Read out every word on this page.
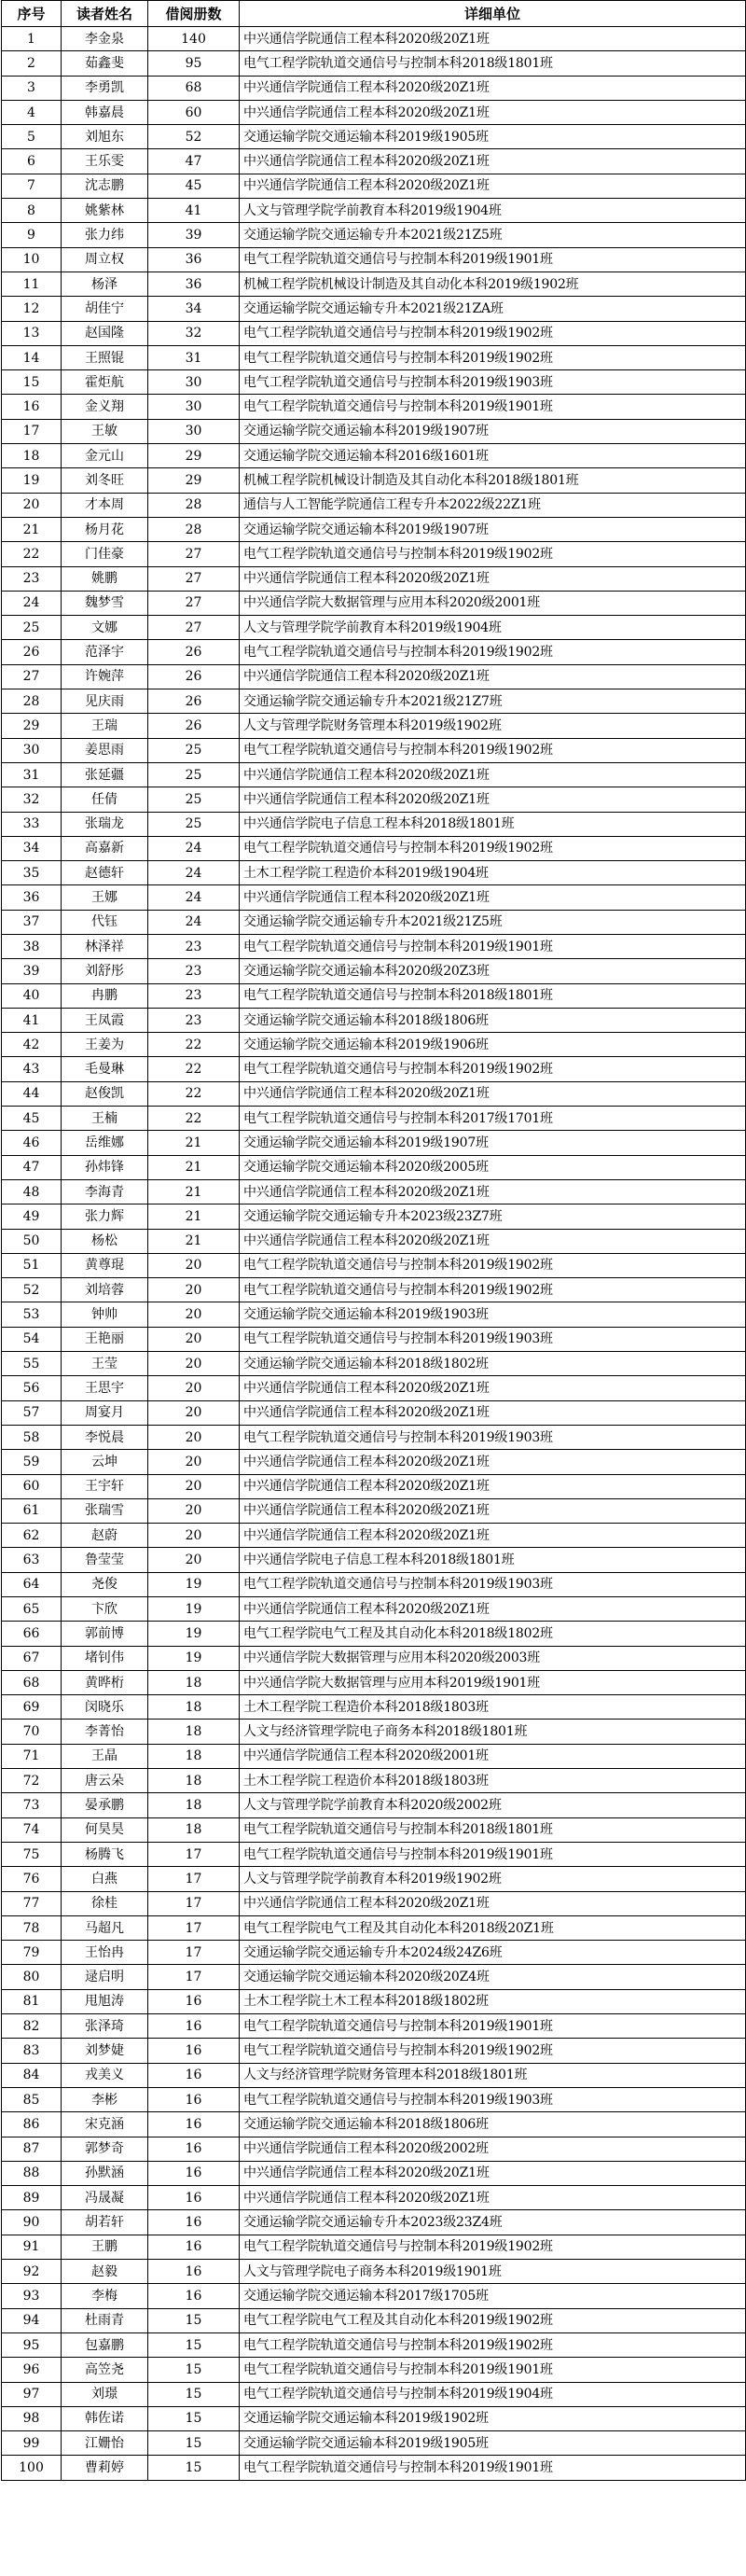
序号	读者姓名	借阅册数	详细单位
1	李金泉	140	中兴通信学院通信工程本科2020级20Z1班
2	茹鑫斐	95	电气工程学院轨道交通信号与控制本科2018级1801班
3	李勇凯	68	中兴通信学院通信工程本科2020级20Z1班
4	韩嘉晨	60	中兴通信学院通信工程本科2020级20Z1班
5	刘旭东	52	交通运输学院交通运输本科2019级1905班
6	王乐雯	47	中兴通信学院通信工程本科2020级20Z1班
7	沈志鹏	45	中兴通信学院通信工程本科2020级20Z1班
8	姚紫林	41	人文与管理学院学前教育本科2019级1904班
9	张力纬	39	交通运输学院交通运输专升本2021级21Z5班
10	周立权	36	电气工程学院轨道交通信号与控制本科2019级1901班
11	杨泽	36	机械工程学院机械设计制造及其自动化本科2019级1902班
12	胡佳宁	34	交通运输学院交通运输专升本2021级21ZA班
13	赵国隆	32	电气工程学院轨道交通信号与控制本科2019级1902班
14	王照锟	31	电气工程学院轨道交通信号与控制本科2019级1902班
15	霍炬航	30	电气工程学院轨道交通信号与控制本科2019级1903班
16	金义翔	30	电气工程学院轨道交通信号与控制本科2019级1901班
17	王敏	30	交通运输学院交通运输本科2019级1907班
18	金元山	29	交通运输学院交通运输本科2016级1601班
19	刘冬旺	29	机械工程学院机械设计制造及其自动化本科2018级1801班
20	才本周	28	通信与人工智能学院通信工程专升本2022级22Z1班
21	杨月花	28	交通运输学院交通运输本科2019级1907班
22	门佳豪	27	电气工程学院轨道交通信号与控制本科2019级1902班
23	姚鹏	27	中兴通信学院通信工程本科2020级20Z1班
24	魏梦雪	27	中兴通信学院大数据管理与应用本科2020级2001班
25	文娜	27	人文与管理学院学前教育本科2019级1904班
26	范泽宇	26	电气工程学院轨道交通信号与控制本科2019级1902班
27	许婉萍	26	中兴通信学院通信工程本科2020级20Z1班
28	见庆雨	26	交通运输学院交通运输专升本2021级21Z7班
29	王瑞	26	人文与管理学院财务管理本科2019级1902班
30	姜思雨	25	电气工程学院轨道交通信号与控制本科2019级1902班
31	张延疆	25	中兴通信学院通信工程本科2020级20Z1班
32	任倩	25	中兴通信学院通信工程本科2020级20Z1班
33	张瑞龙	25	中兴通信学院电子信息工程本科2018级1801班
34	高嘉新	24	电气工程学院轨道交通信号与控制本科2019级1902班
35	赵德轩	24	土木工程学院工程造价本科2019级1904班
36	王娜	24	中兴通信学院通信工程本科2020级20Z1班
37	代钰	24	交通运输学院交通运输专升本2021级21Z5班
38	林泽祥	23	电气工程学院轨道交通信号与控制本科2019级1901班
39	刘舒彤	23	交通运输学院交通运输本科2020级20Z3班
40	冉鹏	23	电气工程学院轨道交通信号与控制本科2018级1801班
41	王凤霞	23	交通运输学院交通运输本科2018级1806班
42	王姜为	22	交通运输学院交通运输本科2019级1906班
43	毛曼琳	22	电气工程学院轨道交通信号与控制本科2019级1902班
44	赵俊凯	22	中兴通信学院通信工程本科2020级20Z1班
45	王楠	22	电气工程学院轨道交通信号与控制本科2017级1701班
46	岳维娜	21	交通运输学院交通运输本科2019级1907班
47	孙炜锋	21	交通运输学院交通运输本科2020级2005班
48	李海青	21	中兴通信学院通信工程本科2020级20Z1班
49	张力辉	21	交通运输学院交通运输专升本2023级23Z7班
50	杨松	21	中兴通信学院通信工程本科2020级20Z1班
51	黄尊琨	20	电气工程学院轨道交通信号与控制本科2019级1902班
52	刘培蓉	20	电气工程学院轨道交通信号与控制本科2019级1902班
53	钟帅	20	交通运输学院交通运输本科2019级1903班
54	王艳丽	20	电气工程学院轨道交通信号与控制本科2019级1903班
55	王莹	20	交通运输学院交通运输本科2018级1802班
56	王思宇	20	中兴通信学院通信工程本科2020级20Z1班
57	周宴月	20	中兴通信学院通信工程本科2020级20Z1班
58	李悦晨	20	电气工程学院轨道交通信号与控制本科2019级1903班
59	云坤	20	中兴通信学院通信工程本科2020级20Z1班
60	王宇轩	20	中兴通信学院通信工程本科2020级20Z1班
61	张瑞雪	20	中兴通信学院通信工程本科2020级20Z1班
62	赵蔚	20	中兴通信学院通信工程本科2020级20Z1班
63	鲁莹莹	20	中兴通信学院电子信息工程本科2018级1801班
64	尧俊	19	电气工程学院轨道交通信号与控制本科2019级1903班
65	卞欣	19	中兴通信学院通信工程本科2020级20Z1班
66	郭前博	19	电气工程学院电气工程及其自动化本科2018级1802班
67	堵钊伟	19	中兴通信学院大数据管理与应用本科2020级2003班
68	黄晔桁	18	中兴通信学院大数据管理与应用本科2019级1901班
69	闵晓乐	18	土木工程学院工程造价本科2018级1803班
70	李菁怡	18	人文与经济管理学院电子商务本科2018级1801班
71	王晶	18	中兴通信学院通信工程本科2020级2001班
72	唐云朵	18	土木工程学院工程造价本科2018级1803班
73	晏承鹏	18	人文与管理学院学前教育本科2020级2002班
74	何昊昊	18	电气工程学院轨道交通信号与控制本科2018级1801班
75	杨腾飞	17	电气工程学院轨道交通信号与控制本科2019级1901班
76	白燕	17	人文与管理学院学前教育本科2019级1902班
77	徐桂	17	中兴通信学院通信工程本科2020级20Z1班
78	马超凡	17	电气工程学院电气工程及其自动化本科2018级20Z1班
79	王怡冉	17	交通运输学院交通运输专升本2024级24Z6班
80	逯启明	17	交通运输学院交通运输本科2020级20Z4班
81	甩旭涛	16	土木工程学院土木工程本科2018级1802班
82	张泽琦	16	电气工程学院轨道交通信号与控制本科2019级1901班
83	刘梦婕	16	电气工程学院轨道交通信号与控制本科2019级1902班
84	戎美义	16	人文与经济管理学院财务管理本科2018级1801班
85	李彬	16	电气工程学院轨道交通信号与控制本科2019级1903班
86	宋克涵	16	交通运输学院交通运输本科2018级1806班
87	郭梦奇	16	中兴通信学院通信工程本科2020级2002班
88	孙默涵	16	中兴通信学院通信工程本科2020级20Z1班
89	冯晟凝	16	中兴通信学院通信工程本科2020级20Z1班
90	胡若轩	16	交通运输学院交通运输专升本2023级23Z4班
91	王鹏	16	电气工程学院轨道交通信号与控制本科2019级1902班
92	赵毅	16	人文与管理学院电子商务本科2019级1901班
93	李梅	16	交通运输学院交通运输本科2017级1705班
94	杜雨青	15	电气工程学院电气工程及其自动化本科2019级1902班
95	包嘉鹏	15	电气工程学院轨道交通信号与控制本科2019级1902班
96	高笠尧	15	电气工程学院轨道交通信号与控制本科2019级1901班
97	刘璟	15	电气工程学院轨道交通信号与控制本科2019级1904班
98	韩佐诺	15	交通运输学院交通运输本科2019级1902班
99	江姗怡	15	交通运输学院交通运输本科2019级1905班
100	曹莉婷	15	电气工程学院轨道交通信号与控制本科2019级1901班
